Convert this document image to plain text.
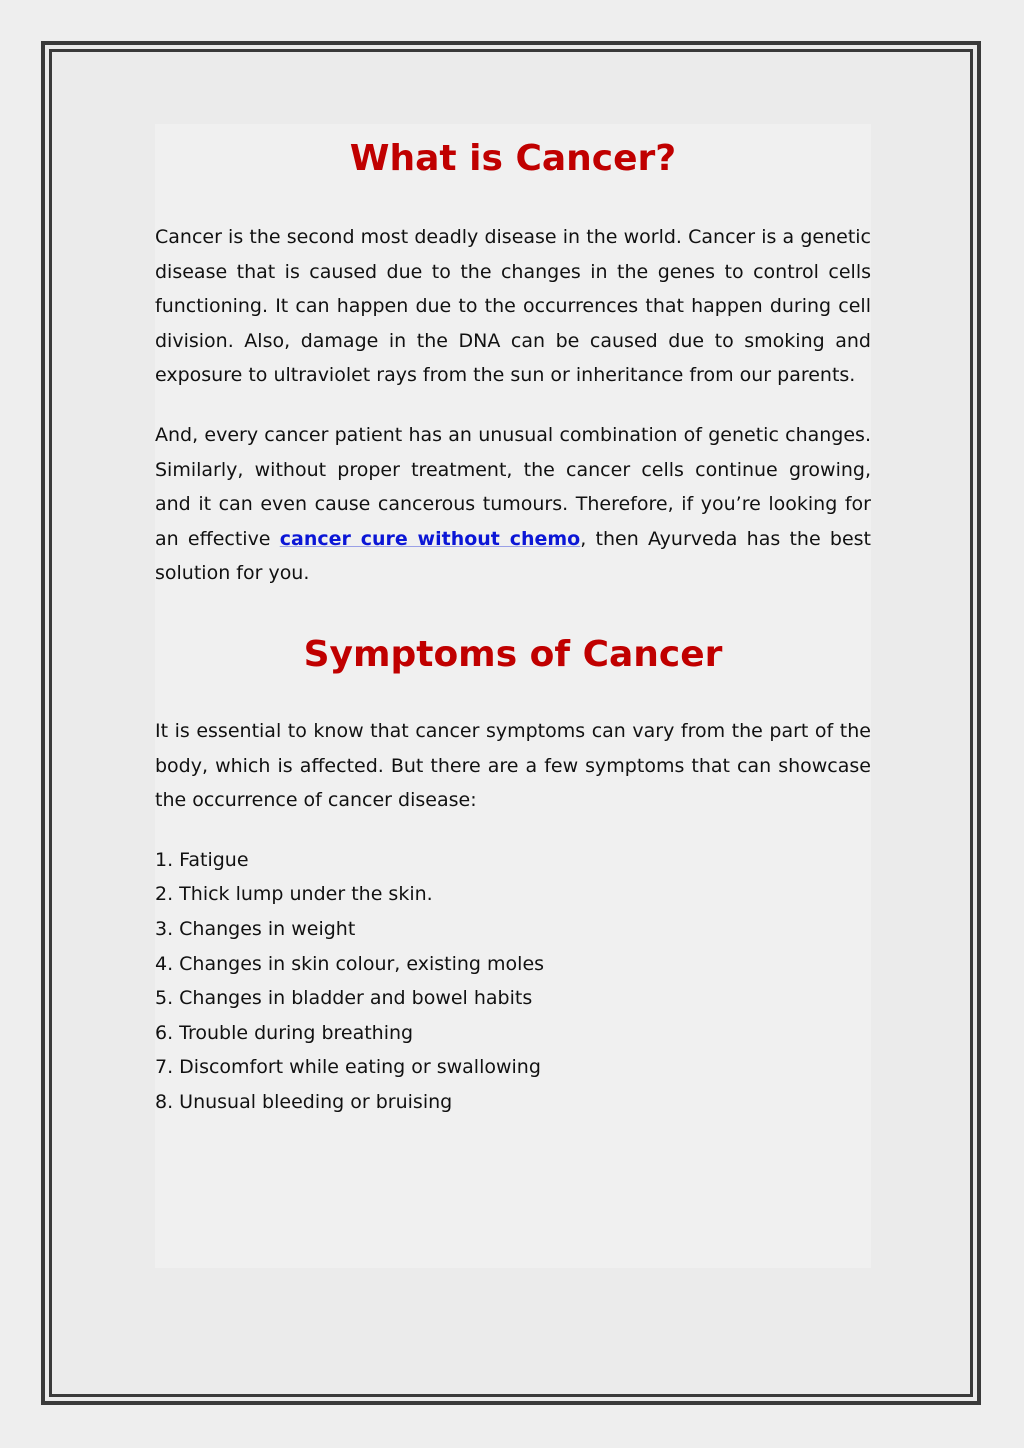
What is Cancer?

Cancer is the second most deadly disease in the world. Cancer is a genetic disease that is caused due to the changes in the genes to control cells functioning. It can happen due to the occurrences that happen during cell division. Also, damage in the DNA can be caused due to smoking and exposure to ultraviolet rays from the sun or inheritance from our parents.

And, every cancer patient has an unusual combination of genetic changes. Similarly, without proper treatment, the cancer cells continue growing, and it can even cause cancerous tumours. Therefore, if you’re looking for an effective cancer cure without chemo, then Ayurveda has the best solution for you.

Symptoms of Cancer

It is essential to know that cancer symptoms can vary from the part of the body, which is affected. But there are a few symptoms that can showcase the occurrence of cancer disease:

1. Fatigue
2. Thick lump under the skin.
3. Changes in weight
4. Changes in skin colour, existing moles
5. Changes in bladder and bowel habits
6. Trouble during breathing
7. Discomfort while eating or swallowing
8. Unusual bleeding or bruising
